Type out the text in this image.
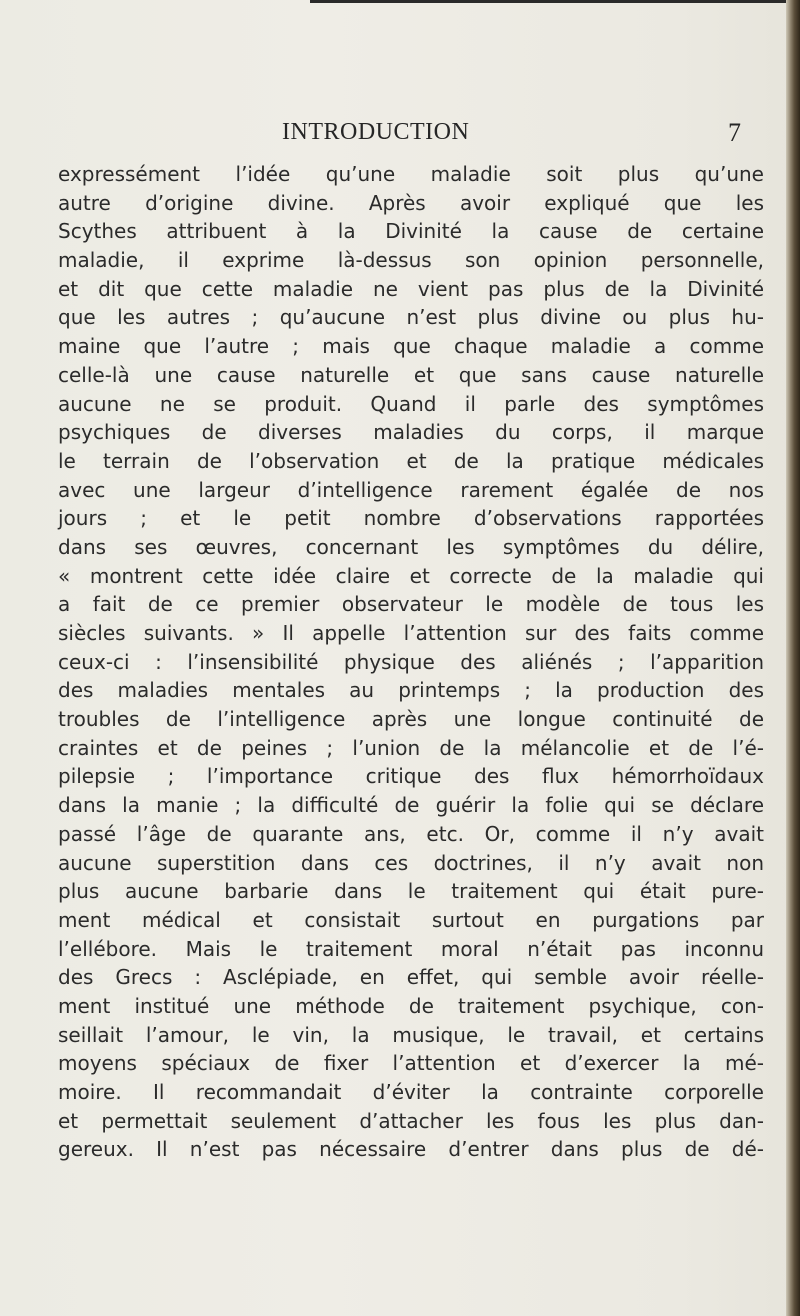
INTRODUCTION	7
expressément l’idée qu’une maladie soit plus qu’une
autre d’origine divine. Après avoir expliqué que les
Scythes attribuent à la Divinité la cause de certaine
maladie, il exprime là-dessus son opinion personnelle,
et dit que cette maladie ne vient pas plus de la Divinité
que les autres ; qu’aucune n’est plus divine ou plus hu-
maine que l’autre ; mais que chaque maladie a comme
celle-là une cause naturelle et que sans cause naturelle
aucune ne se produit. Quand il parle des symptômes
psychiques de diverses maladies du corps, il marque
le terrain de l’observation et de la pratique médicales
avec une largeur d’intelligence rarement égalée de nos
jours ; et le petit nombre d’observations rapportées
dans ses œuvres, concernant les symptômes du délire,
« montrent cette idée claire et correcte de la maladie qui
a fait de ce premier observateur le modèle de tous les
siècles suivants. » Il appelle l’attention sur des faits comme
ceux-ci : l’insensibilité physique des aliénés ; l’apparition
des maladies mentales au printemps ; la production des
troubles de l’intelligence après une longue continuité de
craintes et de peines ; l’union de la mélancolie et de l’é-
pilepsie ; l’importance critique des flux hémorrhoïdaux
dans la manie ; la difficulté de guérir la folie qui se déclare
passé l’âge de quarante ans, etc. Or, comme il n’y avait
aucune superstition dans ces doctrines, il n’y avait non
plus aucune barbarie dans le traitement qui était pure-
ment médical et consistait surtout en purgations par
l’ellébore. Mais le traitement moral n’était pas inconnu
des Grecs : Asclépiade, en effet, qui semble avoir réelle-
ment institué une méthode de traitement psychique, con-
seillait l’amour, le vin, la musique, le travail, et certains
moyens spéciaux de fixer l’attention et d’exercer la mé-
moire. Il recommandait d’éviter la contrainte corporelle
et permettait seulement d’attacher les fous les plus dan-
gereux. Il n’est pas nécessaire d’entrer dans plus de dé-
